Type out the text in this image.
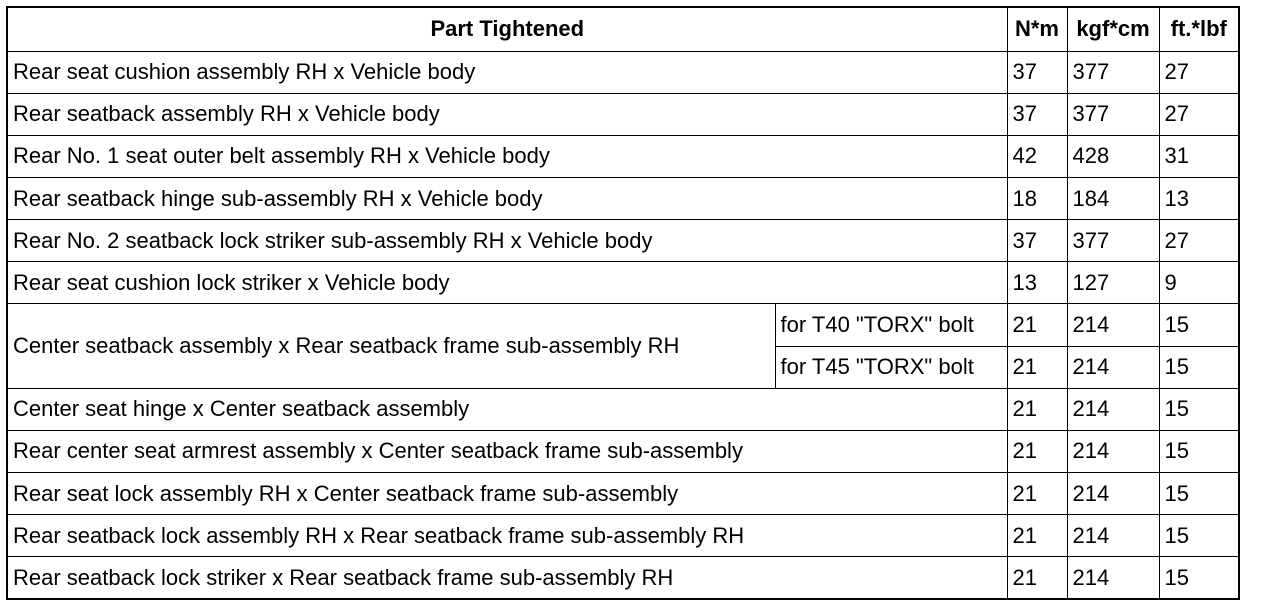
Part Tightened		N*m	kgf*cm	ft.*lbf
Rear seat cushion assembly RH x Vehicle body		37	377	27
Rear seatback assembly RH x Vehicle body		37	377	27
Rear No. 1 seat outer belt assembly RH x Vehicle body		42	428	31
Rear seatback hinge sub-assembly RH x Vehicle body		18	184	13
Rear No. 2 seatback lock striker sub-assembly RH x Vehicle body		37	377	27
Rear seat cushion lock striker x Vehicle body		13	127	9
Center seatback assembly x Rear seatback frame sub-assembly RH	for T40 "TORX" bolt	21	214	15
	for T45 "TORX" bolt	21	214	15
Center seat hinge x Center seatback assembly		21	214	15
Rear center seat armrest assembly x Center seatback frame sub-assembly		21	214	15
Rear seat lock assembly RH x Center seatback frame sub-assembly		21	214	15
Rear seatback lock assembly RH x Rear seatback frame sub-assembly RH		21	214	15
Rear seatback lock striker x Rear seatback frame sub-assembly RH		21	214	15
